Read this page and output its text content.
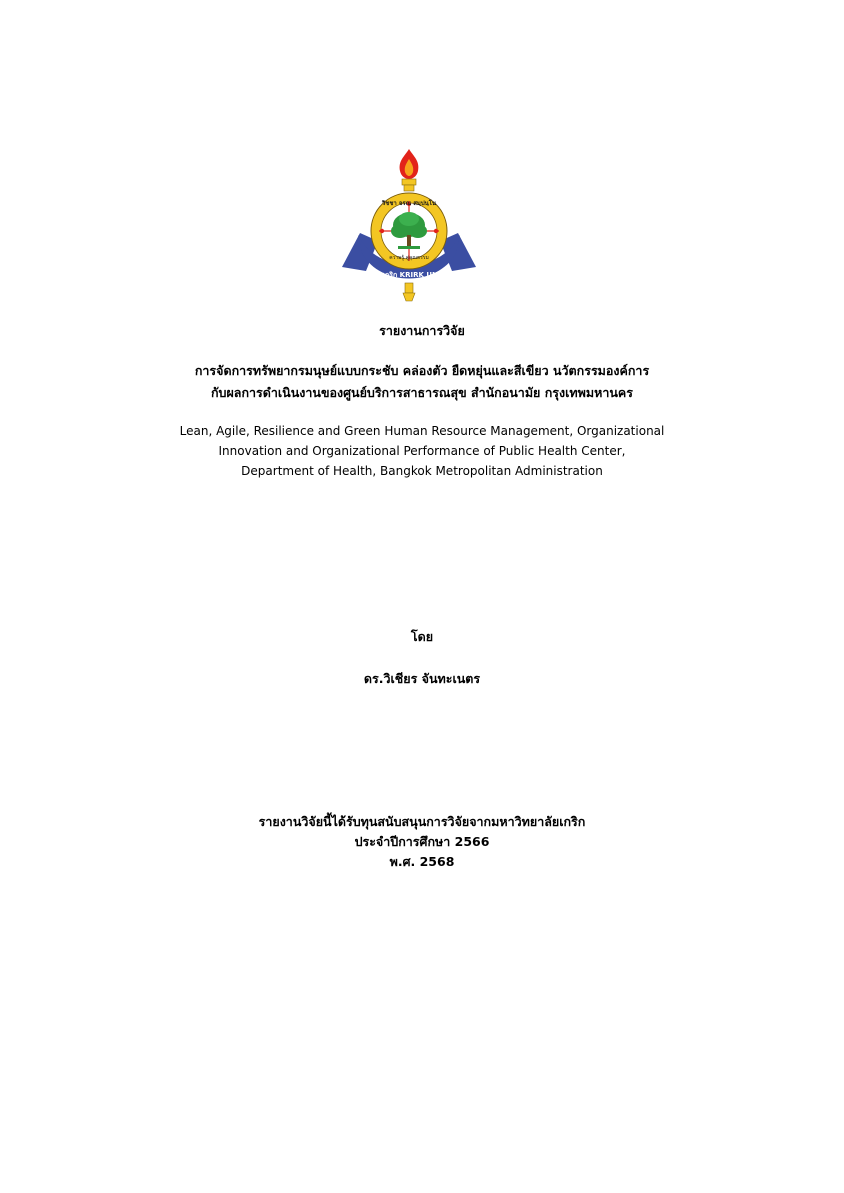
วิชชา จรณ สมฺปนฺโน
ความรู้ คู่คุณธรรม
มหาวิทยาลัยเกริก KRIRK UNIVERSITY
รายงานการวิจัย
การจัดการทรัพยากรมนุษย์แบบกระชับ คล่องตัว ยืดหยุ่นและสีเขียว นวัตกรรมองค์การ
กับผลการดำเนินงานของศูนย์บริการสาธารณสุข สำนักอนามัย กรุงเทพมหานคร
Lean, Agile, Resilience and Green Human Resource Management, Organizational
Innovation and Organizational Performance of Public Health Center,
Department of Health, Bangkok Metropolitan Administration
โดย
ดร.วิเชียร จันทะเนตร
รายงานวิจัยนี้ได้รับทุนสนับสนุนการวิจัยจากมหาวิทยาลัยเกริก
ประจำปีการศึกษา 2566
พ.ศ. 2568
